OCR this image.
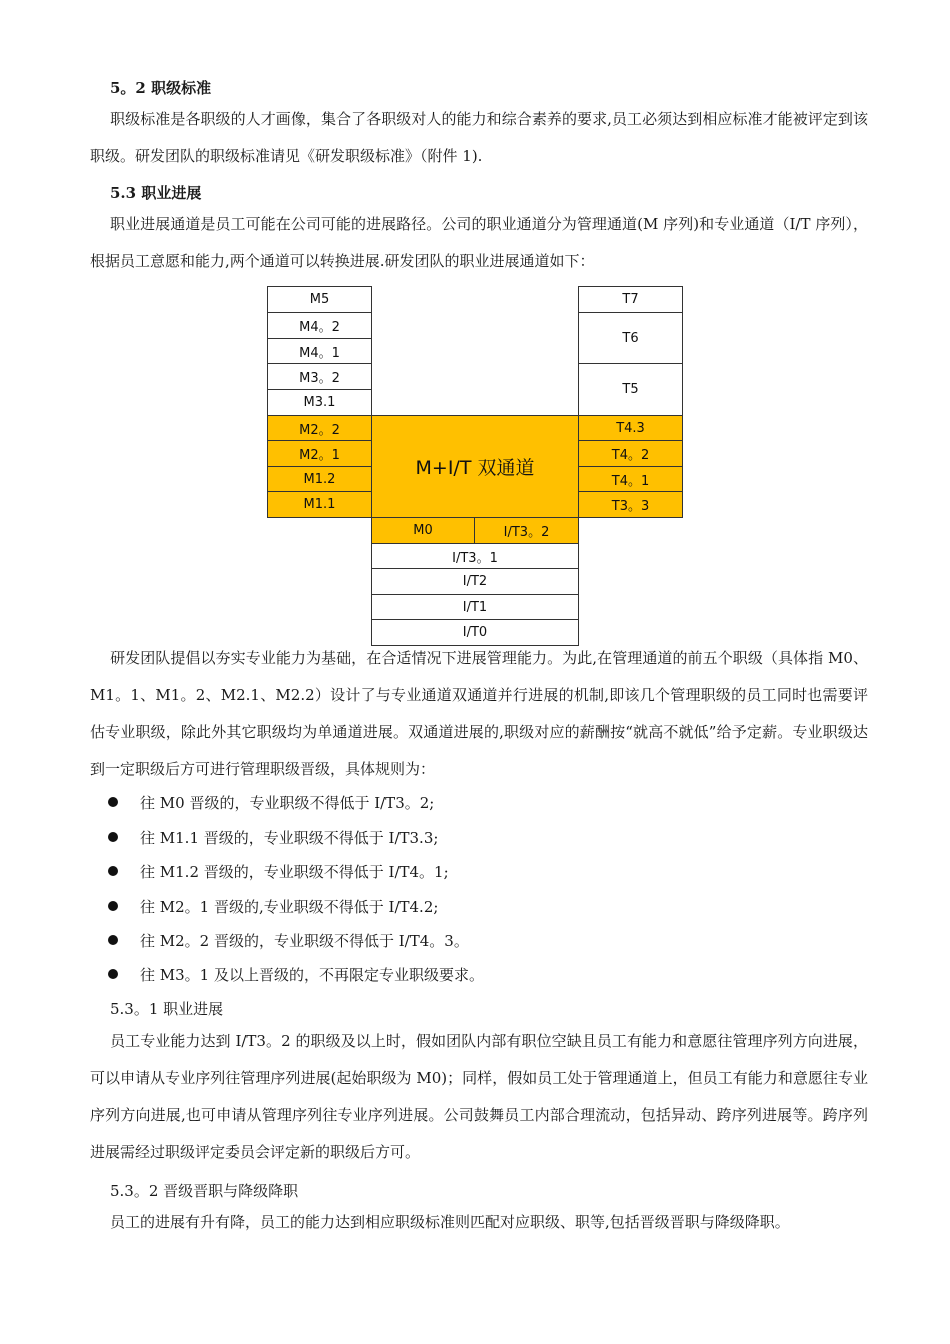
5。2 职级标准
职级标准是各职级的人才画像，集合了各职级对人的能力和综合素养的要求,员工必须达到相应标准才能被评定到该职级。研发团队的职级标准请见《研发职级标准》（附件 1).
5.3 职业进展
职业进展通道是员工可能在公司可能的进展路径。公司的职业通道分为管理通道(M 序列)和专业通道（I/T 序列），根据员工意愿和能力,两个通道可以转换进展.研发团队的职业进展通道如下：
M5
M4。2
M4。1
M3。2
M3.1
M2。2
M2。1
M1.2
M1.1
M+I/T 双通道
T7
T6
T5
T4.3
T4。2
T4。1
T3。3
M0	I/T3。2
I/T3。1
I/T2
I/T1
I/T0
研发团队提倡以夯实专业能力为基础，在合适情况下进展管理能力。为此,在管理通道的前五个职级（具体指 M0、M1。1、M1。2、M2.1、M2.2）设计了与专业通道双通道并行进展的机制,即该几个管理职级的员工同时也需要评估专业职级，除此外其它职级均为单通道进展。双通道进展的,职级对应的薪酬按“就高不就低”给予定薪。专业职级达到一定职级后方可进行管理职级晋级，具体规则为：
往 M0 晋级的，专业职级不得低于 I/T3。2;
往 M1.1 晋级的，专业职级不得低于 I/T3.3;
往 M1.2 晋级的，专业职级不得低于 I/T4。1;
往 M2。1 晋级的,专业职级不得低于 I/T4.2;
往 M2。2 晋级的，专业职级不得低于 I/T4。3。
往 M3。1 及以上晋级的，不再限定专业职级要求。
5.3。1 职业进展
员工专业能力达到 I/T3。2 的职级及以上时，假如团队内部有职位空缺且员工有能力和意愿往管理序列方向进展，可以申请从专业序列往管理序列进展(起始职级为 M0)；同样，假如员工处于管理通道上，但员工有能力和意愿往专业序列方向进展,也可申请从管理序列往专业序列进展。公司鼓舞员工内部合理流动，包括异动、跨序列进展等。跨序列进展需经过职级评定委员会评定新的职级后方可。
5.3。2 晋级晋职与降级降职
员工的进展有升有降，员工的能力达到相应职级标准则匹配对应职级、职等,包括晋级晋职与降级降职。
